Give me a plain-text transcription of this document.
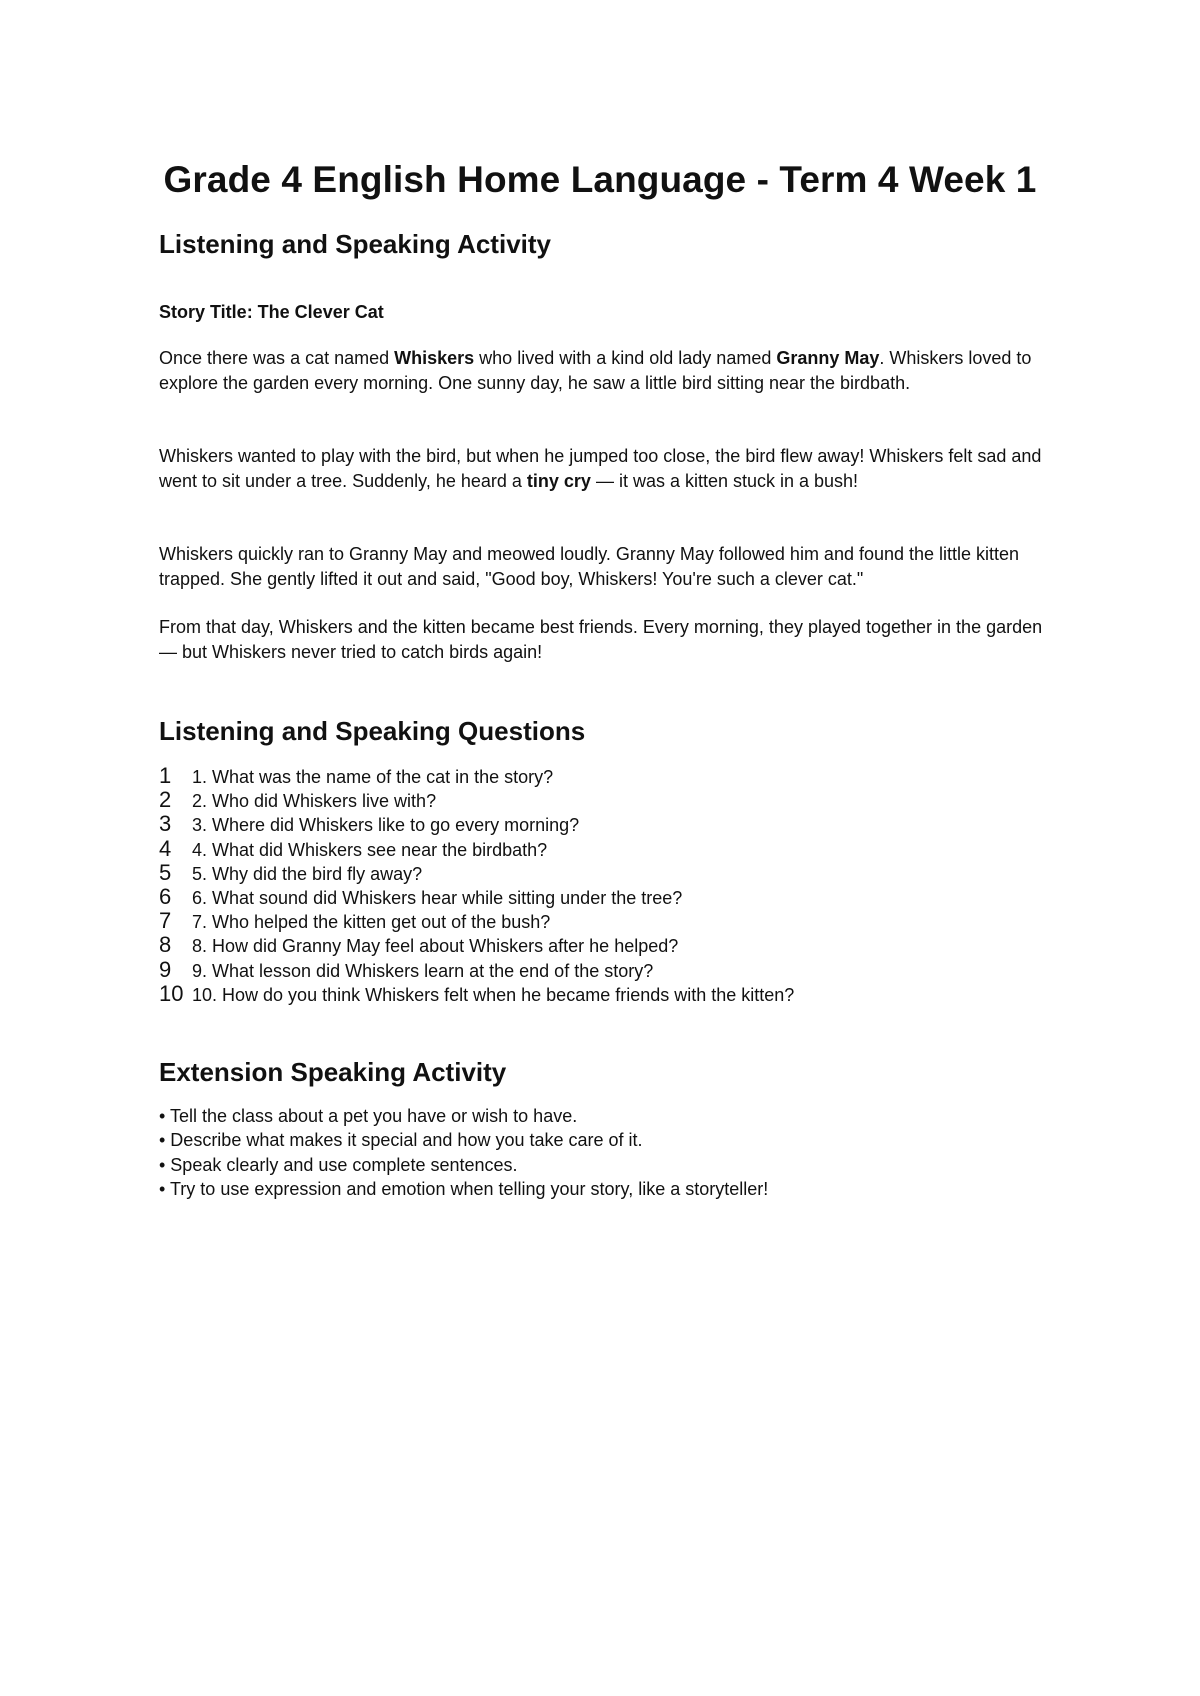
Grade 4 English Home Language - Term 4 Week 1
Listening and Speaking Activity

Story Title: The Clever Cat

Once there was a cat named Whiskers who lived with a kind old lady named Granny May. Whiskers loved to explore the garden every morning. One sunny day, he saw a little bird sitting near the birdbath.

Whiskers wanted to play with the bird, but when he jumped too close, the bird flew away! Whiskers felt sad and went to sit under a tree. Suddenly, he heard a tiny cry — it was a kitten stuck in a bush!

Whiskers quickly ran to Granny May and meowed loudly. Granny May followed him and found the little kitten trapped. She gently lifted it out and said, "Good boy, Whiskers! You're such a clever cat."

From that day, Whiskers and the kitten became best friends. Every morning, they played together in the garden — but Whiskers never tried to catch birds again!

Listening and Speaking Questions
1	1. What was the name of the cat in the story?
2	2. Who did Whiskers live with?
3	3. Where did Whiskers like to go every morning?
4	4. What did Whiskers see near the birdbath?
5	5. Why did the bird fly away?
6	6. What sound did Whiskers hear while sitting under the tree?
7	7. Who helped the kitten get out of the bush?
8	8. How did Granny May feel about Whiskers after he helped?
9	9. What lesson did Whiskers learn at the end of the story?
10 10. How do you think Whiskers felt when he became friends with the kitten?
Extension Speaking Activity
• Tell the class about a pet you have or wish to have.
• Describe what makes it special and how you take care of it.
• Speak clearly and use complete sentences.
• Try to use expression and emotion when telling your story, like a storyteller!
